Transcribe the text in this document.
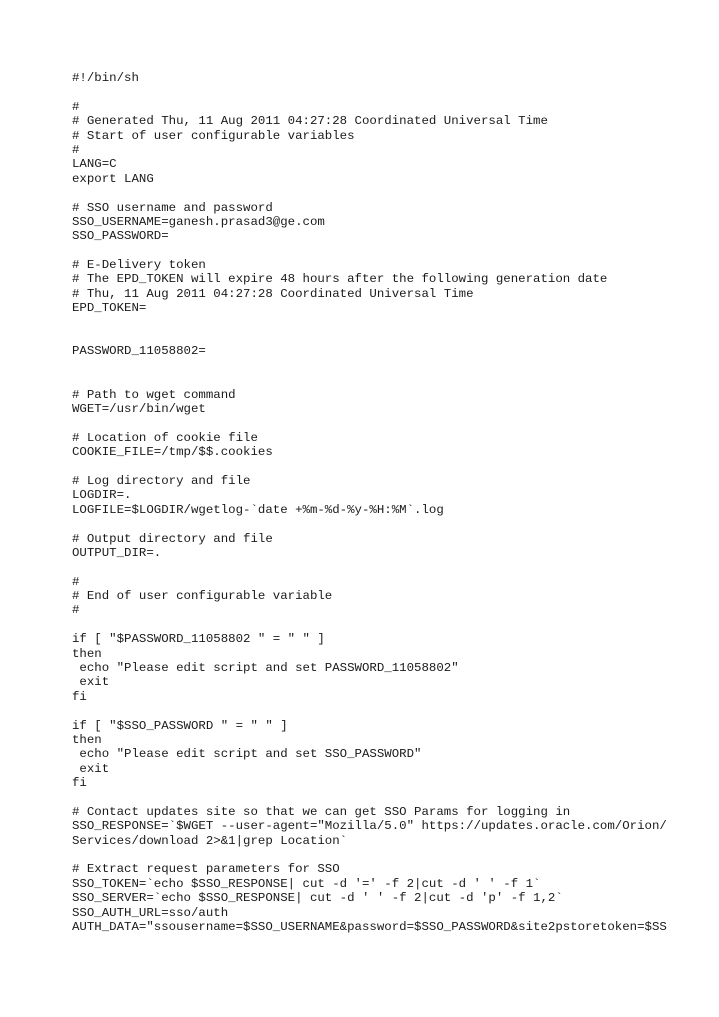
#!/bin/sh
#
# Generated Thu, 11 Aug 2011 04:27:28 Coordinated Universal Time
# Start of user configurable variables
#
LANG=C
export LANG
# SSO username and password
SSO_USERNAME=ganesh.prasad3@ge.com
SSO_PASSWORD=
# E-Delivery token
# The EPD_TOKEN will expire 48 hours after the following generation date
# Thu, 11 Aug 2011 04:27:28 Coordinated Universal Time
EPD_TOKEN=
PASSWORD_11058802=
# Path to wget command
WGET=/usr/bin/wget
# Location of cookie file
COOKIE_FILE=/tmp/$$.cookies
# Log directory and file
LOGDIR=.
LOGFILE=$LOGDIR/wgetlog-`date +%m-%d-%y-%H:%M`.log
# Output directory and file
OUTPUT_DIR=.
#
# End of user configurable variable
#
if [ "$PASSWORD_11058802 " = " " ]
then
echo "Please edit script and set PASSWORD_11058802"
exit
fi
if [ "$SSO_PASSWORD " = " " ]
then
echo "Please edit script and set SSO_PASSWORD"
exit
fi
# Contact updates site so that we can get SSO Params for logging in
SSO_RESPONSE=`$WGET --user-agent="Mozilla/5.0" https://updates.oracle.com/Orion/
Services/download 2>&1|grep Location`
# Extract request parameters for SSO
SSO_TOKEN=`echo $SSO_RESPONSE| cut -d '=' -f 2|cut -d ' ' -f 1`
SSO_SERVER=`echo $SSO_RESPONSE| cut -d ' ' -f 2|cut -d 'p' -f 1,2`
SSO_AUTH_URL=sso/auth
AUTH_DATA="ssousername=$SSO_USERNAME&password=$SSO_PASSWORD&site2pstoretoken=$SS
